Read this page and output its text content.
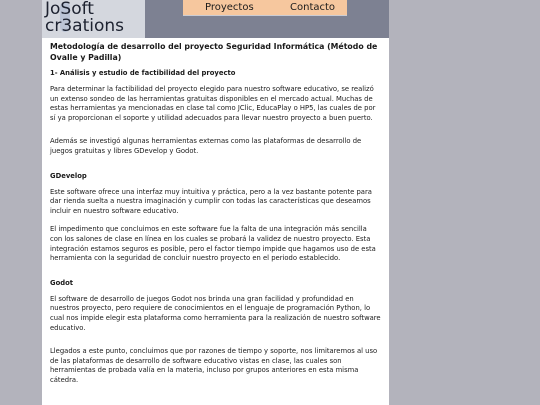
JoSoft
cr3ations
Proyectos	Contacto
Metodología de desarrollo del proyecto Seguridad Informática (Método de Ovalle y Padilla)
1- Análisis y estudio de factibilidad del proyecto

Para determinar la factibilidad del proyecto elegido para nuestro software educativo, se realizó un extenso sondeo de las herramientas gratuitas disponibles en el mercado actual. Muchas de estas herramientas ya mencionadas en clase tal como JClic, EducaPlay o HP5, las cuales de por sí ya proporcionan el soporte y utilidad adecuados para llevar nuestro proyecto a buen puerto.

Además se investigó algunas herramientas externas como las plataformas de desarrollo de juegos gratuitas y libres GDevelop y Godot.

GDevelop

Este software ofrece una interfaz muy intuitiva y práctica, pero a la vez bastante potente para dar rienda suelta a nuestra imaginación y cumplir con todas las características que deseamos incluir en nuestro software educativo.

El impedimento que concluimos en este software fue la falta de una integración más sencilla con los salones de clase en línea en los cuales se probará la validez de nuestro proyecto. Esta integración estamos seguros es posible, pero el factor tiempo impide que hagamos uso de esta herramienta con la seguridad de concluir nuestro proyecto en el periodo establecido.

Godot

El software de desarrollo de juegos Godot nos brinda una gran facilidad y profundidad en nuestros proyecto, pero requiere de conocimientos en el lenguaje de programación Python, lo cual nos impide elegir esta plataforma como herramienta para la realización de nuestro software educativo.

Llegados a este punto, concluimos que por razones de tiempo y soporte, nos limitaremos al uso de las plataformas de desarrollo de software educativo vistas en clase, las cuales son herramientas de probada valía en la materia, incluso por grupos anteriores en esta misma cátedra.
